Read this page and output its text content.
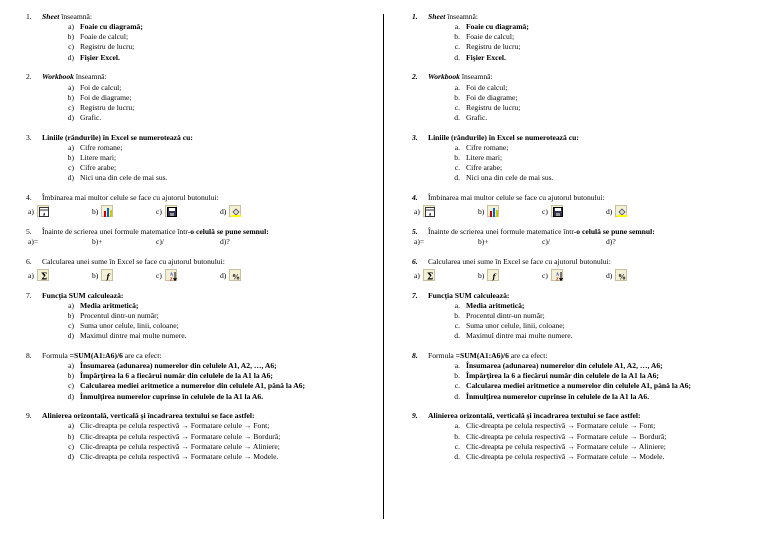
1.	Sheet înseamnă:
a) Foaie cu diagramă;
b) Foaie de calcul;
c) Registru de lucru;
d) Fişier Excel.
2.	Workbook înseamnă:
a) Foi de calcul;
b) Foi de diagrame;
c) Registru de lucru;
d) Grafic.
3.	Liniile (rândurile) în Excel se numerotează cu:
a) Cifre romane;
b) Litere mari;
c) Cifre arabe;
d) Nici una din cele de mai sus.
4.	Îmbinarea mai multor celule se face cu ajutorul butonului:
a) a	b)	c)	d)
5.	Înainte de scrierea unei formule matematice într-o celulă se pune semnul:
a) =	b) +	c) /	d) ?
6.	Calcularea unei sume în Excel se face cu ajutorul butonului:
a) Σ	b) f	c) A
Z	d) %
7.	Funcţia SUM calculează:
a) Media aritmetică;
b) Procentul dintr-un număr;
c) Suma unor celule, linii, coloane;
d) Maximul dintre mai multe numere.
8.	Formula =SUM(A1:A6)/6 are ca efect:
a) Însumarea (adunarea) numerelor din celulele A1, A2, …, A6;
b) Împărţirea la 6 a fiecărui număr din celulele de la A1 la A6;
c) Calcularea mediei aritmetice a numerelor din celulele A1, până la A6;
d) Înmulţirea numerelor cuprinse în celulele de la A1 la A6.
9.	Alinierea orizontală, verticală şi încadrarea textului se face astfel:
a) Clic-dreapta pe celula respectivă → Formatare celule → Font;
b) Clic-dreapta pe celula respectivă → Formatare celule → Bordură;
c) Clic-dreapta pe celula respectivă → Formatare celule → Aliniere;
d) Clic-dreapta pe celula respectivă → Formatare celule → Modele.
1.	Sheet înseamnă:
a. Foaie cu diagramă;
b. Foaie de calcul;
c. Registru de lucru;
d. Fişier Excel.
2.	Workbook înseamnă:
a. Foi de calcul;
b. Foi de diagrame;
c. Registru de lucru;
d. Grafic.
3.	Liniile (rândurile) în Excel se numerotează cu:
a. Cifre romane;
b. Litere mari;
c. Cifre arabe;
d. Nici una din cele de mai sus.
4.	Îmbinarea mai multor celule se face cu ajutorul butonului:
a) a	b)	c)	d)
5.	Înainte de scrierea unei formule matematice într-o celulă se pune semnul:
a) =	b) +	c) /	d) ?
6.	Calcularea unei sume în Excel se face cu ajutorul butonului:
a) Σ	b) f	c) A
Z	d) %
7.	Funcţia SUM calculează:
a. Media aritmetică;
b. Procentul dintr-un număr;
c. Suma unor celule, linii, coloane;
d. Maximul dintre mai multe numere.
8.	Formula =SUM(A1:A6)/6 are ca efect:
a. Însumarea (adunarea) numerelor din celulele A1, A2, …, A6;
b. Împărţirea la 6 a fiecărui număr din celulele de la A1 la A6;
c. Calcularea mediei aritmetice a numerelor din celulele A1, până la A6;
d. Înmulţirea numerelor cuprinse în celulele de la A1 la A6.
9.	Alinierea orizontală, verticală şi încadrarea textului se face astfel:
a. Clic-dreapta pe celula respectivă → Formatare celule → Font;
b. Clic-dreapta pe celula respectivă → Formatare celule → Bordură;
c. Clic-dreapta pe celula respectivă → Formatare celule → Aliniere;
d. Clic-dreapta pe celula respectivă → Formatare celule → Modele.
